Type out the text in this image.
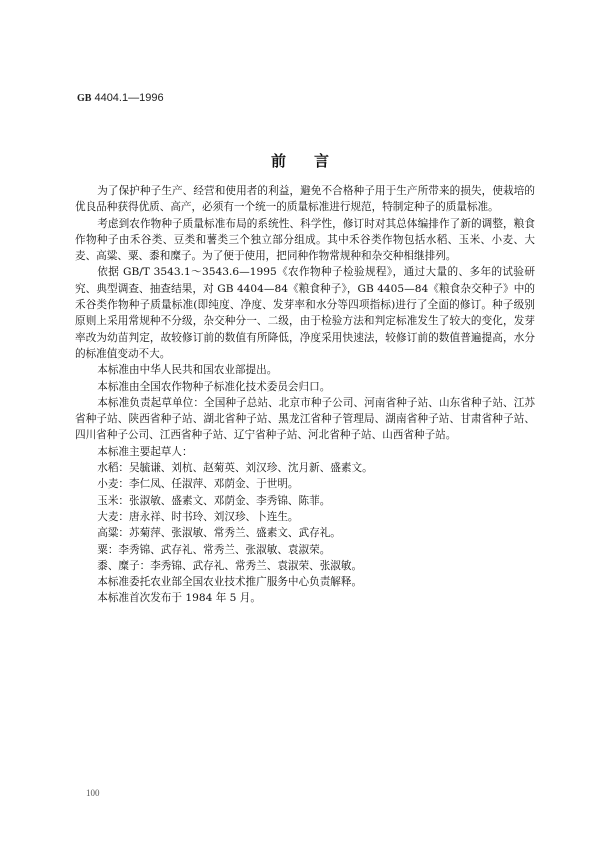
GB 4404.1—1996
前言

为了保护种子生产、经营和使用者的利益，避免不合格种子用于生产所带来的损失，使栽培的优良品种获得优质、高产，必须有一个统一的质量标准进行规范，特制定种子的质量标准。

考虑到农作物种子质量标准布局的系统性、科学性，修订时对其总体编排作了新的调整，粮食作物种子由禾谷类、豆类和薯类三个独立部分组成。其中禾谷类作物包括水稻、玉米、小麦、大麦、高粱、粟、黍和糜子。为了便于使用，把同种作物常规种和杂交种相继排列。

依据 GB/T 3543.1～3543.6—1995《农作物种子检验规程》，通过大量的、多年的试验研究、典型调查、抽查结果，对 GB 4404—84《粮食种子》，GB 4405—84《粮食杂交种子》中的禾谷类作物种子质量标准(即纯度、净度、发芽率和水分等四项指标)进行了全面的修订。种子级别原则上采用常规种不分级，杂交种分一、二级，由于检验方法和判定标准发生了较大的变化，发芽率改为幼苗判定，故较修订前的数值有所降低，净度采用快速法，较修订前的数值普遍提高，水分的标准值变动不大。

本标准由中华人民共和国农业部提出。

本标准由全国农作物种子标准化技术委员会归口。

本标准负责起草单位：全国种子总站、北京市种子公司、河南省种子站、山东省种子站、江苏省种子站、陕西省种子站、湖北省种子站、黑龙江省种子管理局、湖南省种子站、甘肃省种子站、四川省种子公司、江西省种子站、辽宁省种子站、河北省种子站、山西省种子站。

本标准主要起草人：

水稻：吴毓谦、刘杭、赵菊英、刘汉珍、沈月新、盛素文。

小麦：李仁凤、任淑萍、邓荫金、于世明。

玉米：张淑敏、盛素文、邓荫金、李秀锦、陈菲。

大麦：唐永祥、时书玲、刘汉珍、卜连生。

高粱：苏菊萍、张淑敏、常秀兰、盛素文、武存礼。

粟：李秀锦、武存礼、常秀兰、张淑敏、袁淑荣。

黍、糜子：李秀锦、武存礼、常秀兰、袁淑荣、张淑敏。

本标准委托农业部全国农业技术推广服务中心负责解释。

本标准首次发布于 1984 年 5 月。

100
